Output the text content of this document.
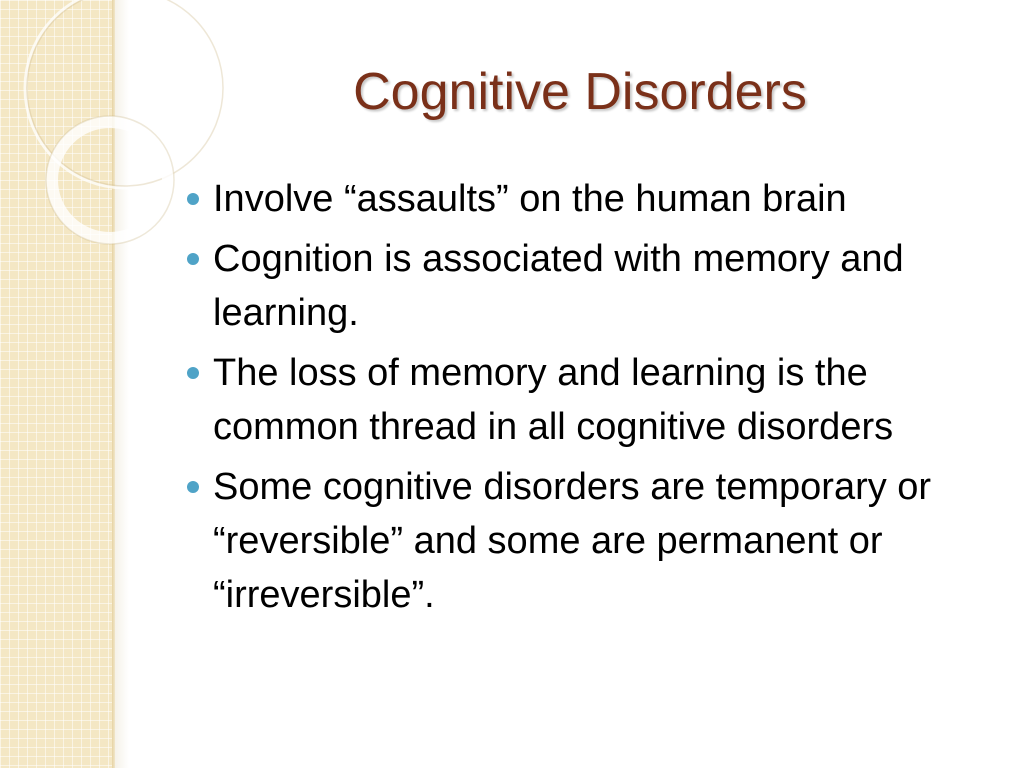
Cognitive Disorders
Involve “assaults” on the human brain
Cognition is associated with memory and learning.
The loss of memory and learning is the common thread in all cognitive disorders
Some cognitive disorders are temporary or “reversible” and some are permanent or “irreversible”.
